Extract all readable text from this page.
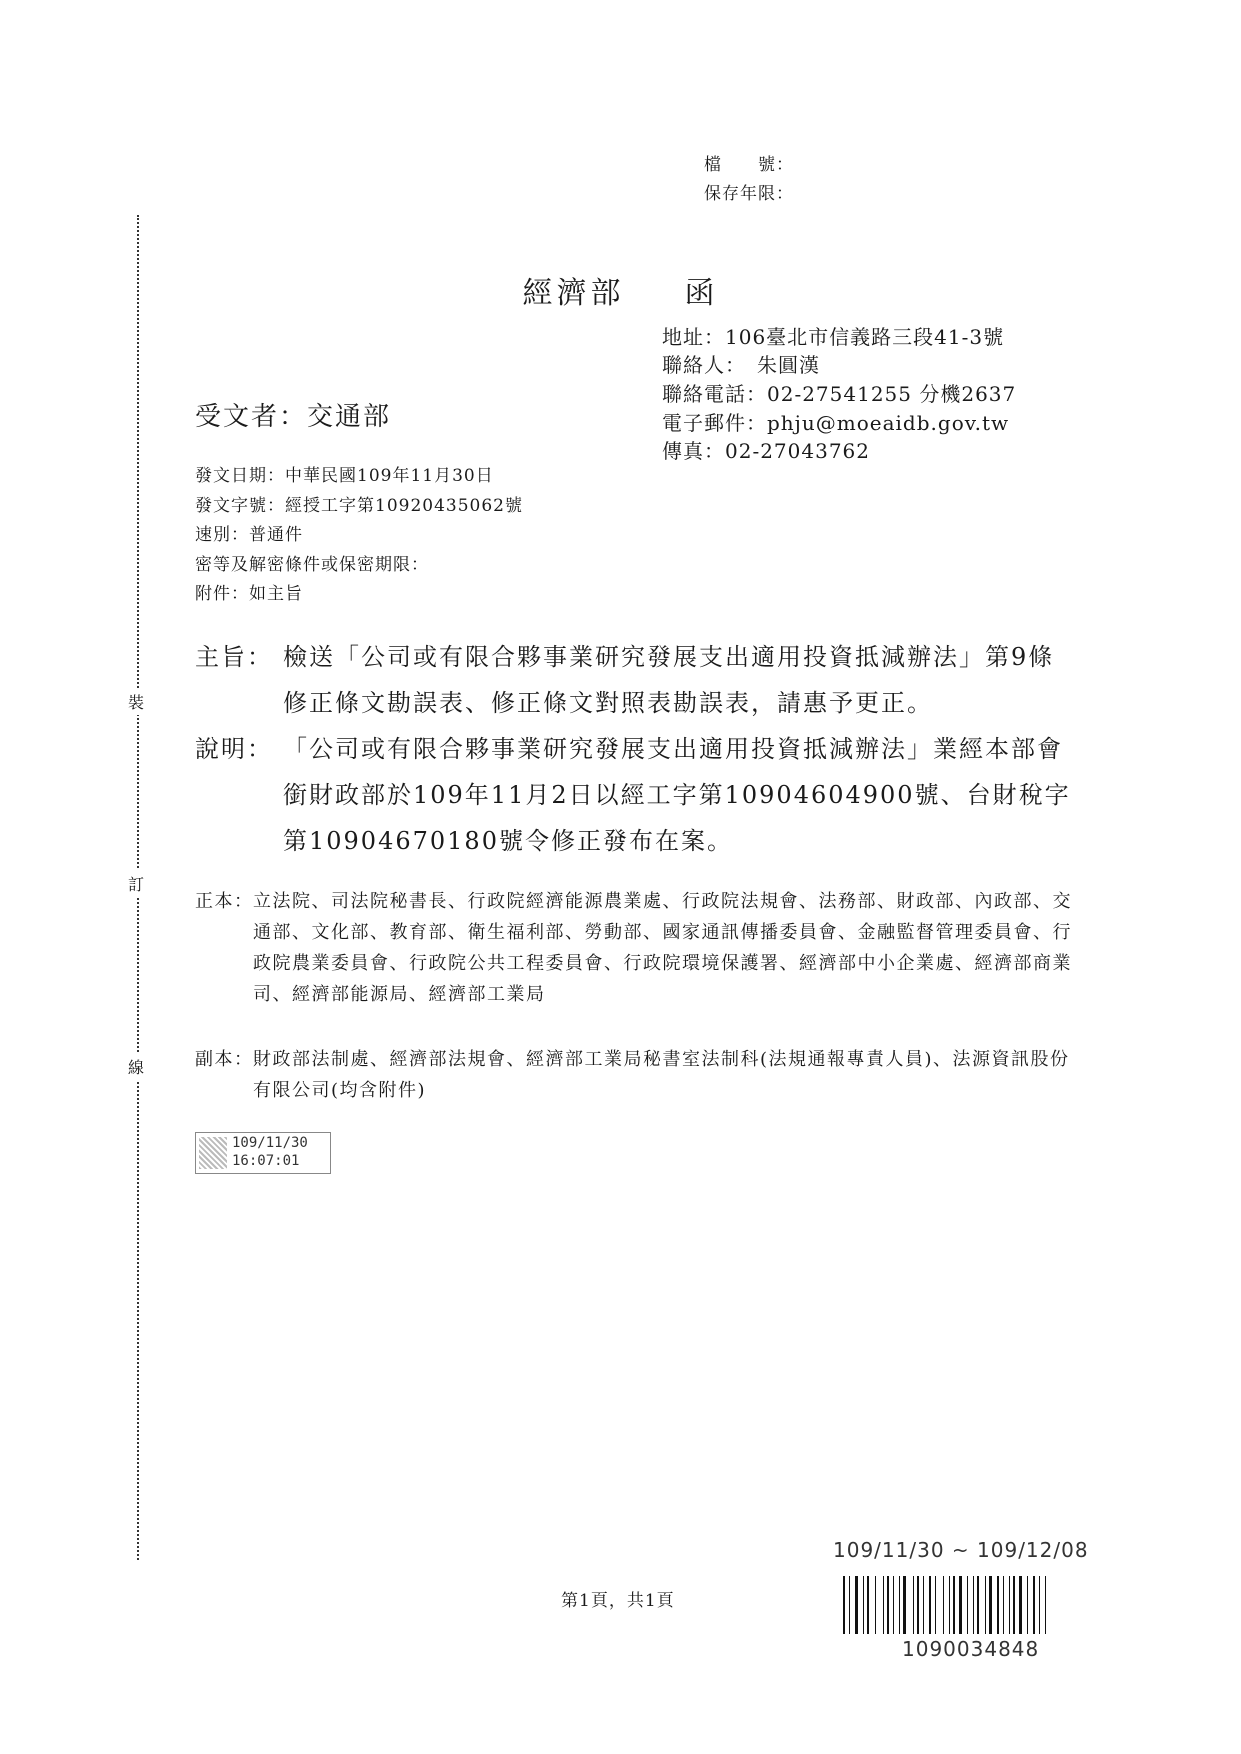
裝
訂
線
檔　　號：
保存年限：
經濟部 函
地址：106臺北市信義路三段41-3號
聯絡人：　朱圓漢
聯絡電話：02-27541255 分機2637
電子郵件：phju@moeaidb.gov.tw
傳真：02-27043762
受文者：交通部
發文日期：中華民國109年11月30日
發文字號：經授工字第10920435062號
速別：普通件
密等及解密條件或保密期限：
附件：如主旨
主旨： 檢送「公司或有限合夥事業研究發展支出適用投資抵減辦法」第9條修正條文勘誤表、修正條文對照表勘誤表，請惠予更正。
說明： 「公司或有限合夥事業研究發展支出適用投資抵減辦法」業經本部會銜財政部於109年11月2日以經工字第10904604900號、台財稅字第10904670180號令修正發布在案。
正本： 立法院、司法院秘書長、行政院經濟能源農業處、行政院法規會、法務部、財政部、內政部、交通部、文化部、教育部、衛生福利部、勞動部、國家通訊傳播委員會、金融監督管理委員會、行政院農業委員會、行政院公共工程委員會、行政院環境保護署、經濟部中小企業處、經濟部商業司、經濟部能源局、經濟部工業局
副本： 財政部法制處、經濟部法規會、經濟部工業局秘書室法制科(法規通報專責人員)、法源資訊股份有限公司(均含附件)
109/11/30
16:07:01
109/11/30 ~ 109/12/08
第1頁，共1頁
1090034848
